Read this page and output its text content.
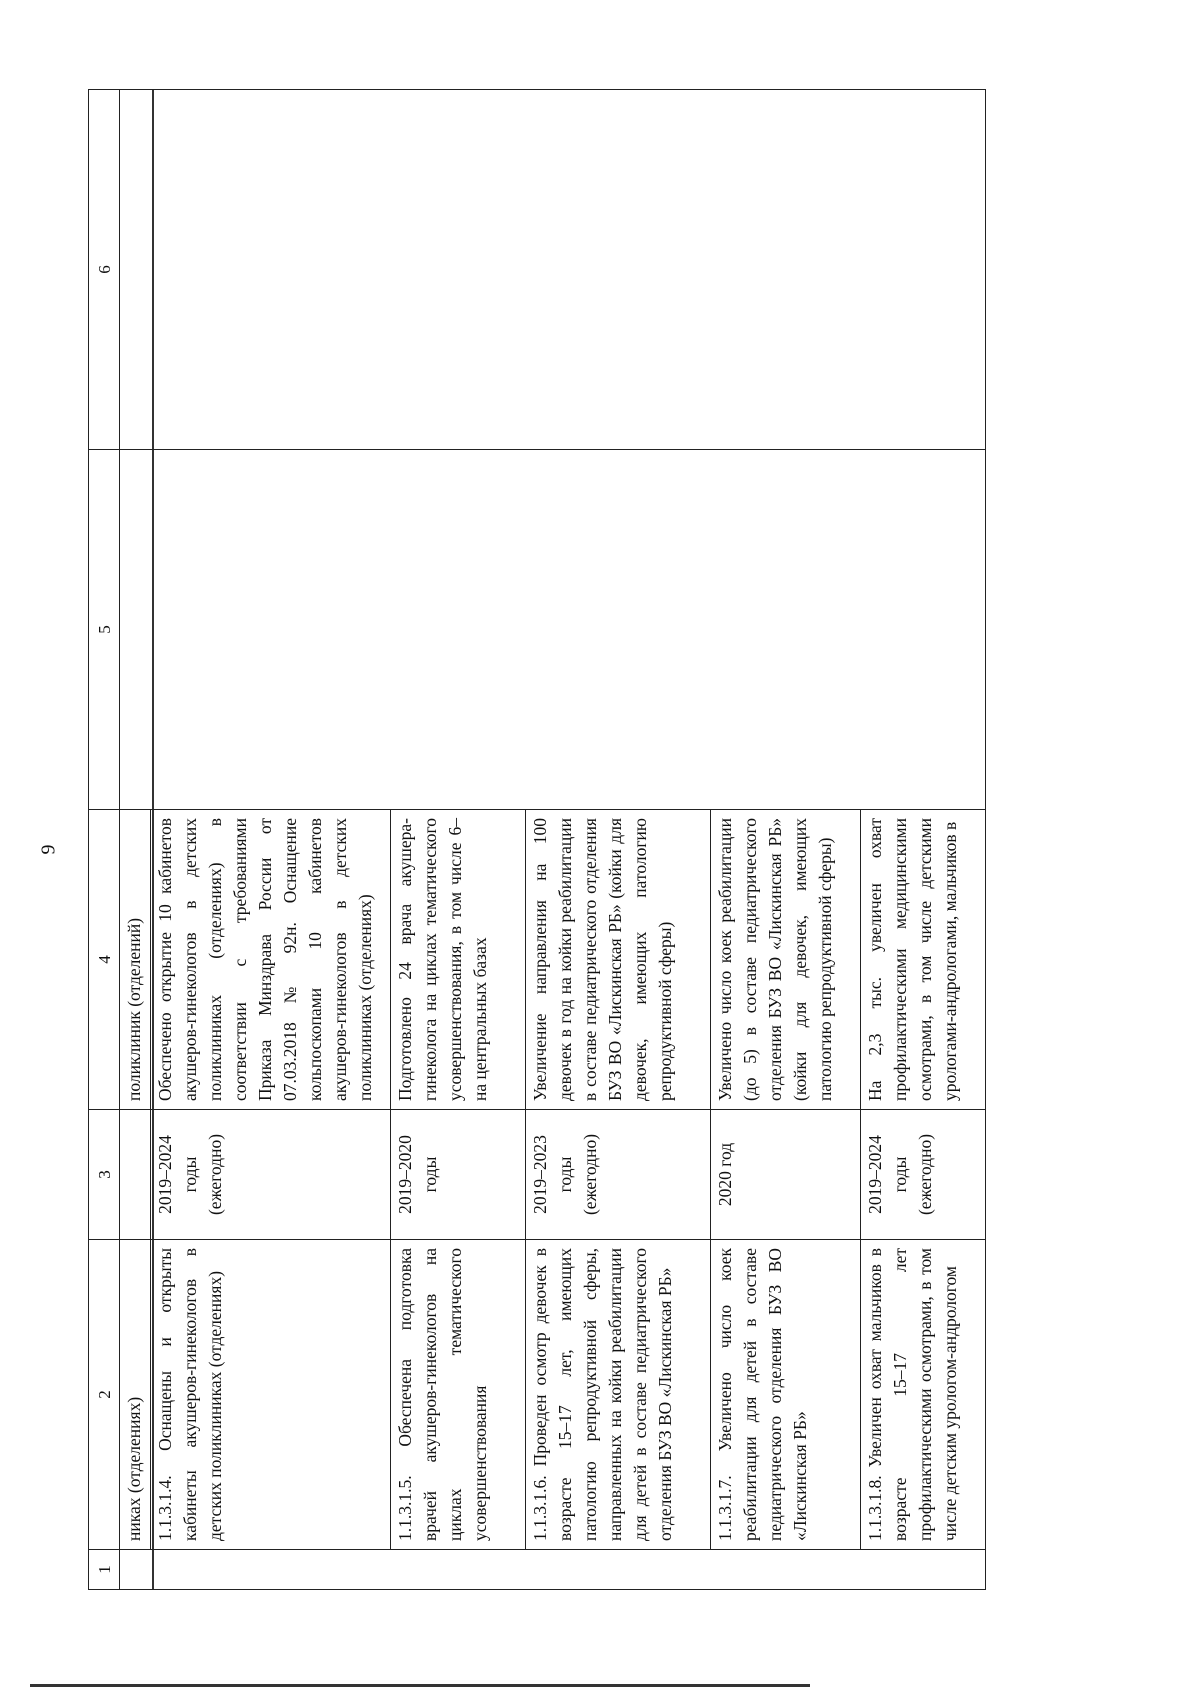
9
1	2	3	4	5	6
	никах (отделениях)		поликлиник (отделений)		
	1.1.3.1.4. Оснащены и открыты кабинеты акушеров-гинекологов в детских поликлиниках (отделениях)	2019–2024 годы (ежегодно)	Обеспечено открытие 10 кабинетов акушеров-гинекологов в детских поликлиниках (отделениях) в соответствии с требованиями Приказа Минздрава России от 07.03.2018 № 92н. Оснащение кольпоскопами 10 кабинетов акушеров-гинекологов в детских поликлиниках (отделениях)		
	1.1.3.1.5. Обеспечена подготовка врачей акушеров-гинекологов на циклах тематического усовершенствования	2019–2020 годы	Подготовлено 24 врача акушера-гинеколога на циклах тематического усовершенствования, в том числе 6–на центральных базах		
	1.1.3.1.6. Проведен осмотр девочек в возрасте 15–17 лет, имеющих патологию репродуктивной сферы, направленных на койки реабилитации для детей в составе педиатрического отделения БУЗ ВО «Лискинская РБ»	2019–2023 годы (ежегодно)	Увеличение направления на 100 девочек в год на койки реабилитации в составе педиатрического отделения БУЗ ВО «Лискинская РБ» (койки для девочек, имеющих патологию репродуктивной сферы)		
	1.1.3.1.7. Увеличено число коек реабилитации для детей в составе педиатрического отделения БУЗ ВО «Лискинская РБ»	2020 год	Увеличено число коек реабилитации (до 5) в составе педиатрического отделения БУЗ ВО «Лискинская РБ» (койки для девочек, имеющих патологию репродуктивной сферы)		
	1.1.3.1.8. Увеличен охват мальчиков в возрасте 15–17 лет профилактическими осмотрами, в том числе детским урологом-андрологом	2019–2024 годы (ежегодно)	На 2,3 тыс. увеличен охват профилактическими медицинскими осмотрами, в том числе детскими урологами-андрологами, мальчиков в		
